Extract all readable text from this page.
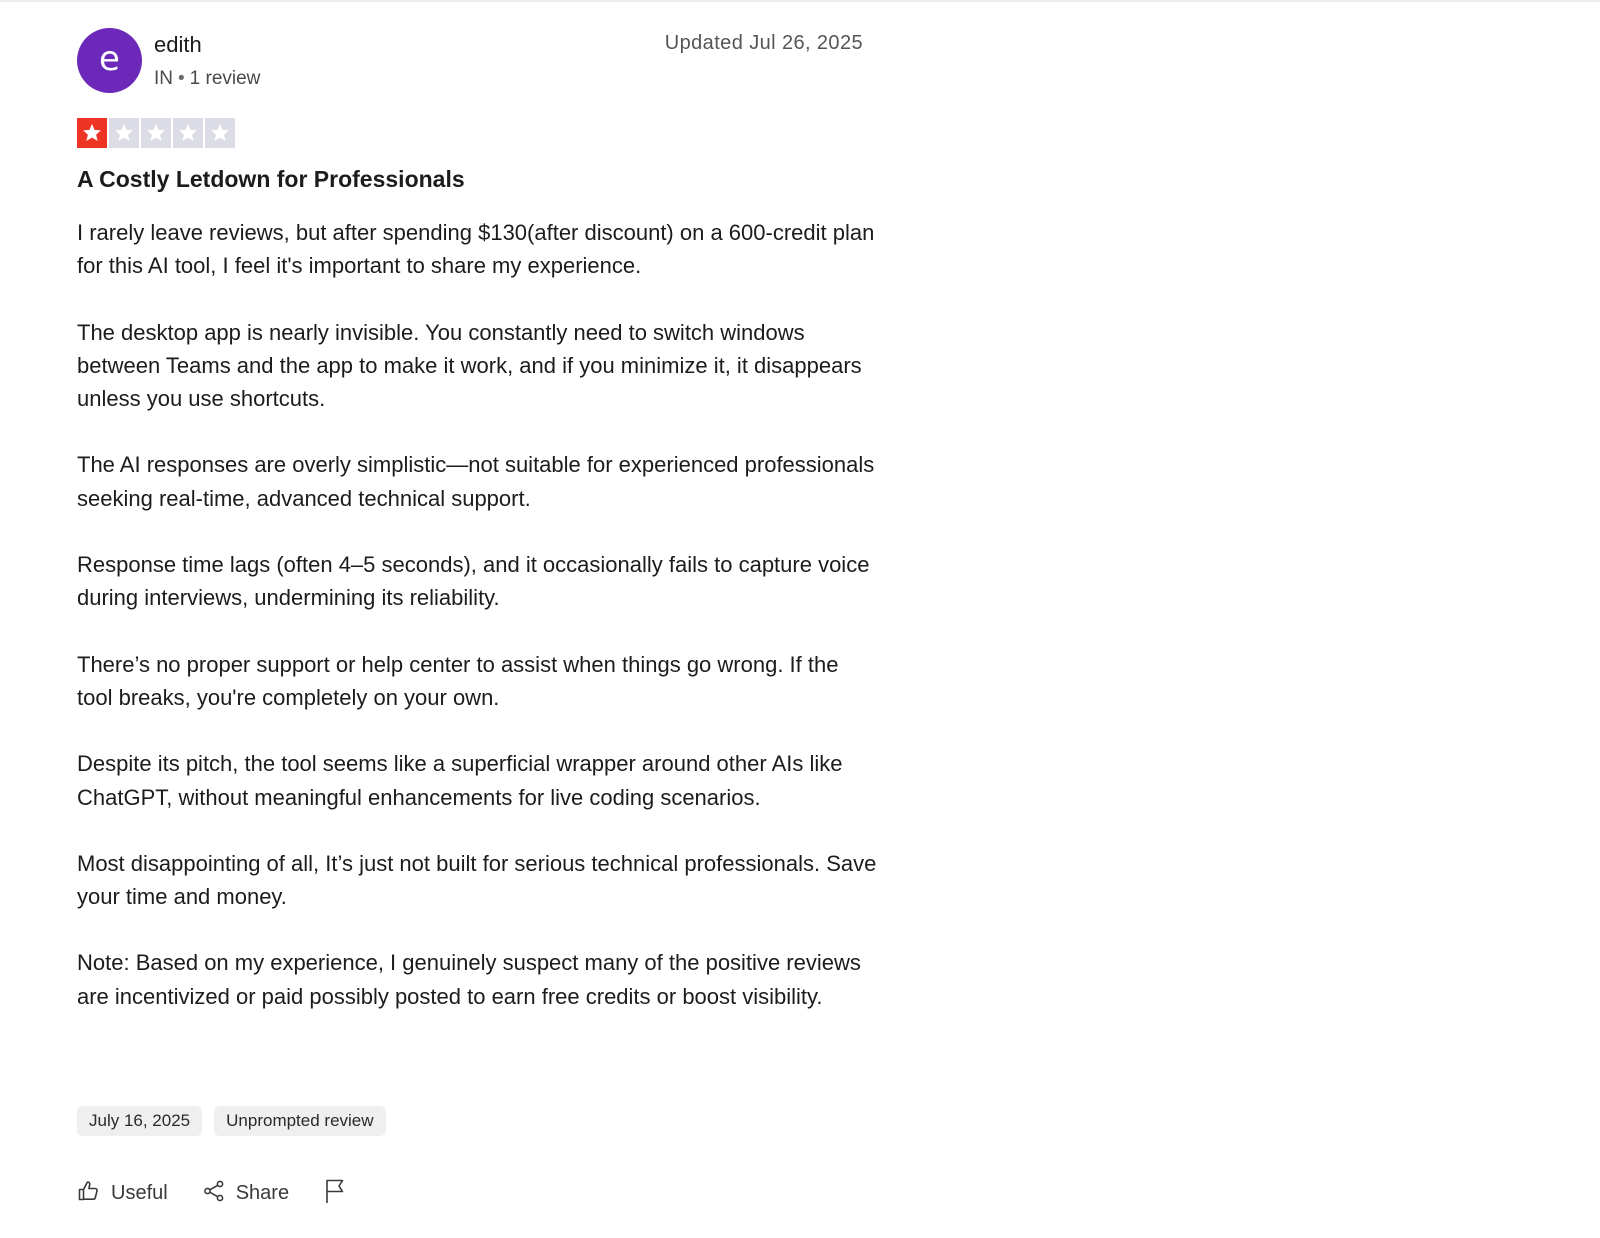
e	edith
IN • 1 review
Updated Jul 26, 2025
A Costly Letdown for Professionals

I rarely leave reviews, but after spending $130(after discount) on a 600-credit plan for this AI tool, I feel it's important to share my experience.

The desktop app is nearly invisible. You constantly need to switch windows between Teams and the app to make it work, and if you minimize it, it disappears unless you use shortcuts.

The AI responses are overly simplistic—not suitable for experienced professionals seeking real-time, advanced technical support.

Response time lags (often 4–5 seconds), and it occasionally fails to capture voice during interviews, undermining its reliability.

There’s no proper support or help center to assist when things go wrong. If the tool breaks, you're completely on your own.

Despite its pitch, the tool seems like a superficial wrapper around other AIs like ChatGPT, without meaningful enhancements for live coding scenarios.

Most disappointing of all, It’s just not built for serious technical professionals. Save your time and money.

Note: Based on my experience, I genuinely suspect many of the positive reviews are incentivized or paid possibly posted to earn free credits or boost visibility.

July 16, 2025	Unprompted review
Useful	Share
